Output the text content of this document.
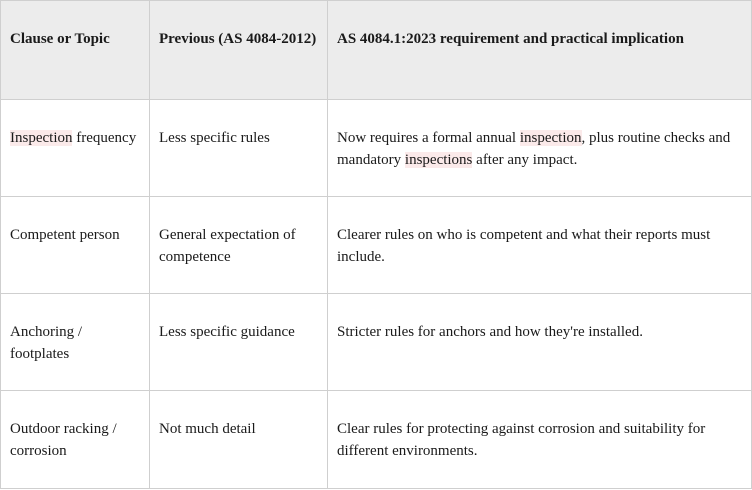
Clause or Topic	Previous (AS 4084-2012)	AS 4084.1:2023 requirement and practical implication
Inspection frequency	Less specific rules	Now requires a formal annual inspection, plus routine checks and mandatory inspections after any impact.
Competent person	General expectation of competence	Clearer rules on who is competent and what their reports must include.
Anchoring / footplates	Less specific guidance	Stricter rules for anchors and how they're installed.
Outdoor racking / corrosion	Not much detail	Clear rules for protecting against corrosion and suitability for different environments.
